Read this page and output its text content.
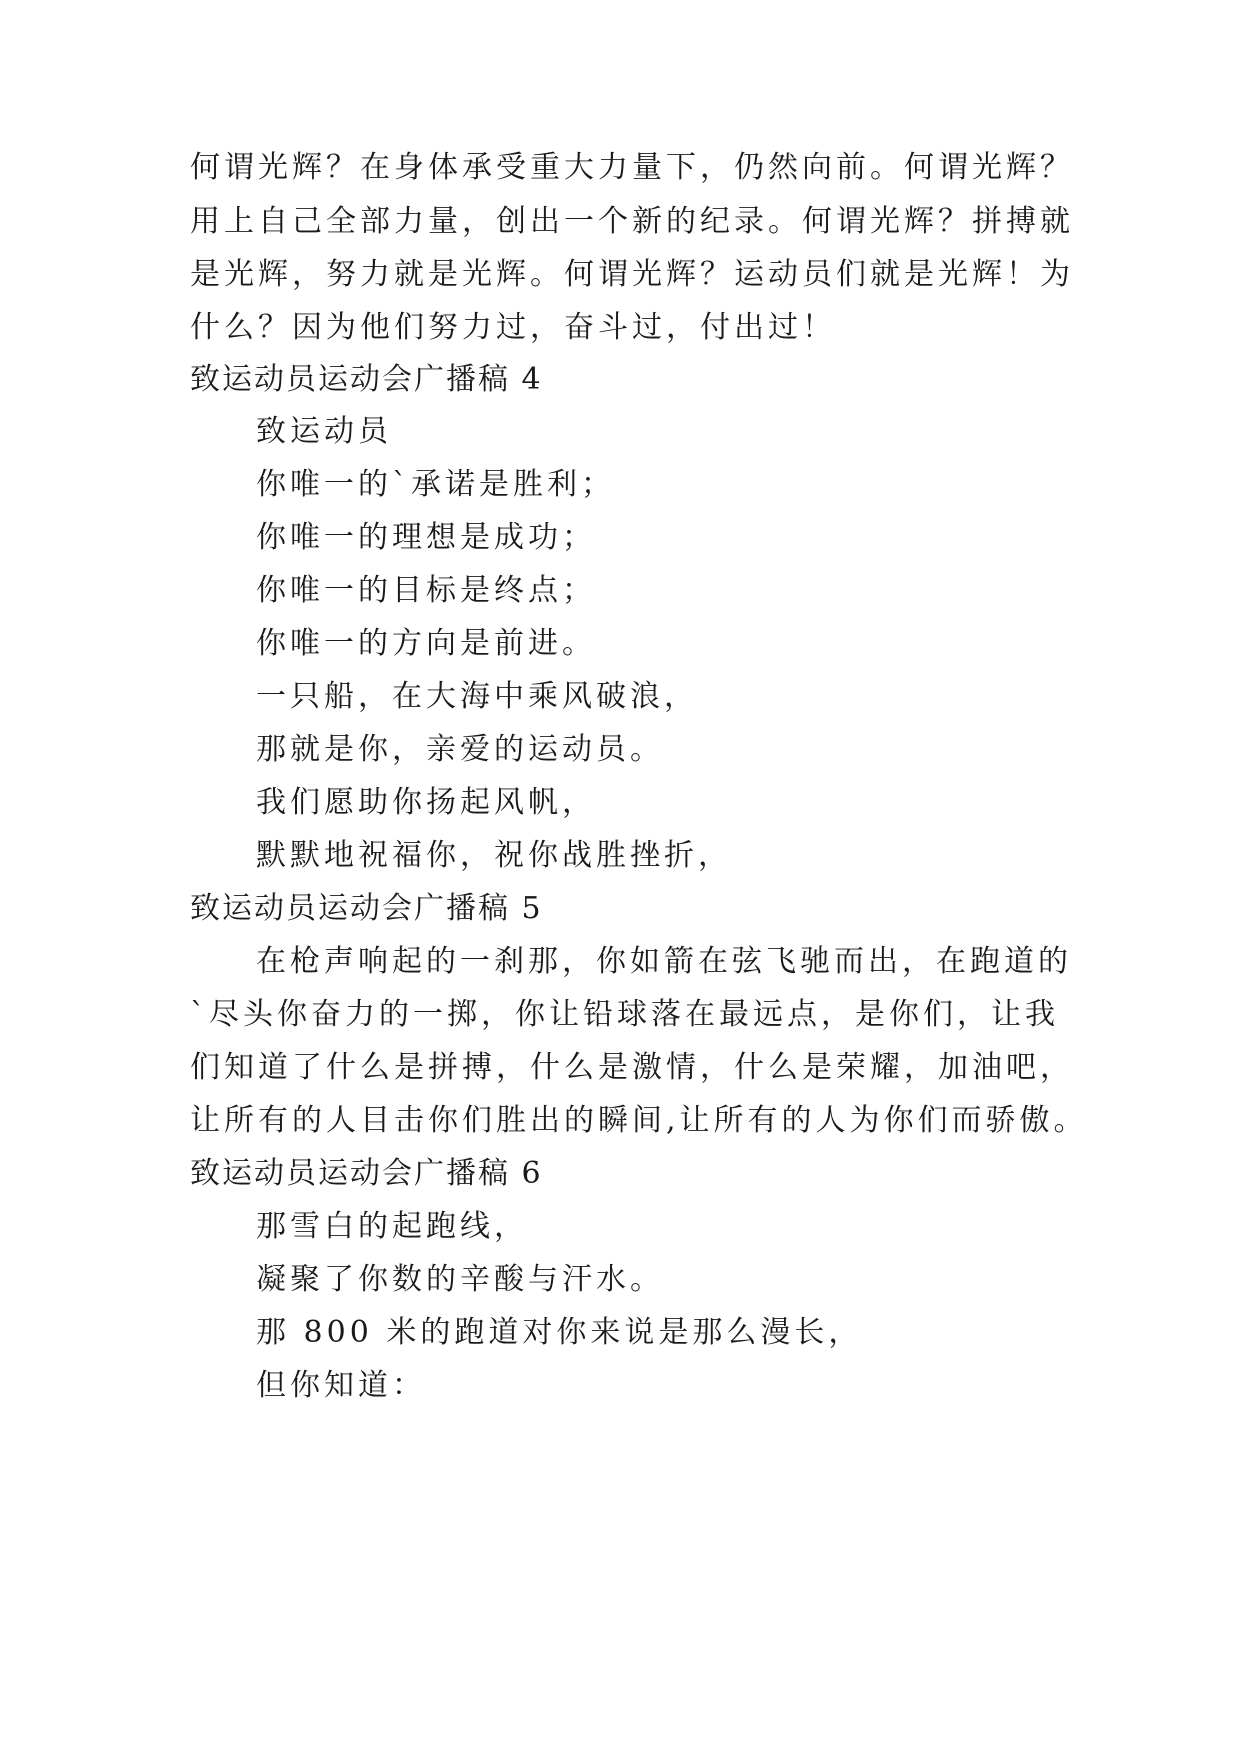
何谓光辉？在身体承受重大力量下，仍然向前。何谓光辉？
用上自己全部力量，创出一个新的纪录。何谓光辉？拼搏就
是光辉，努力就是光辉。何谓光辉？运动员们就是光辉！为
什么？因为他们努力过，奋斗过，付出过！
致运动员运动会广播稿 4
致运动员
你唯一的`承诺是胜利；
你唯一的理想是成功；
你唯一的目标是终点；
你唯一的方向是前进。
一只船，在大海中乘风破浪，
那就是你，亲爱的运动员。
我们愿助你扬起风帆，
默默地祝福你，祝你战胜挫折，
致运动员运动会广播稿 5
在枪声响起的一刹那，你如箭在弦飞驰而出，在跑道的
`尽头你奋力的一掷，你让铅球落在最远点，是你们，让我
们知道了什么是拼搏，什么是激情，什么是荣耀，加油吧，
让所有的人目击你们胜出的瞬间,让所有的人为你们而骄傲。
致运动员运动会广播稿 6
那雪白的起跑线，
凝聚了你数的辛酸与汗水。
那 800 米的跑道对你来说是那么漫长，
但你知道：
